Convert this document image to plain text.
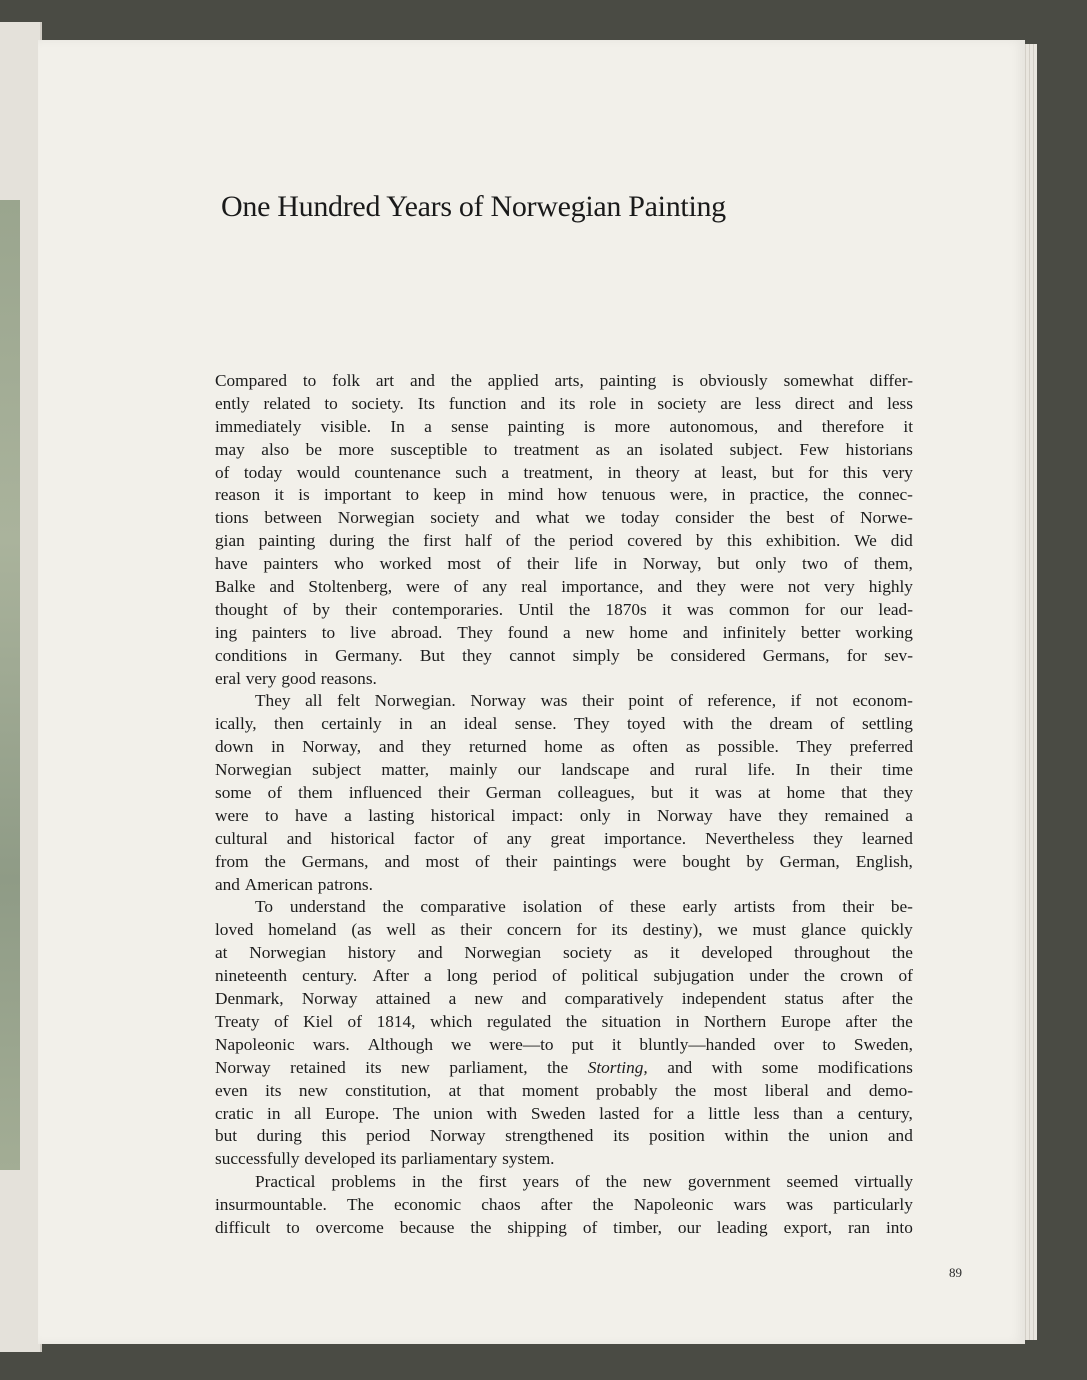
One Hundred Years of Norwegian Painting
Compared to folk art and the applied arts, painting is obviously somewhat differ-
ently related to society. Its function and its role in society are less direct and less
immediately visible. In a sense painting is more autonomous, and therefore it
may also be more susceptible to treatment as an isolated subject. Few historians
of today would countenance such a treatment, in theory at least, but for this very
reason it is important to keep in mind how tenuous were, in practice, the connec-
tions between Norwegian society and what we today consider the best of Norwe-
gian painting during the first half of the period covered by this exhibition. We did
have painters who worked most of their life in Norway, but only two of them,
Balke and Stoltenberg, were of any real importance, and they were not very highly
thought of by their contemporaries. Until the 1870s it was common for our lead-
ing painters to live abroad. They found a new home and infinitely better working
conditions in Germany. But they cannot simply be considered Germans, for sev-
eral very good reasons.
They all felt Norwegian. Norway was their point of reference, if not econom-
ically, then certainly in an ideal sense. They toyed with the dream of settling
down in Norway, and they returned home as often as possible. They preferred
Norwegian subject matter, mainly our landscape and rural life. In their time
some of them influenced their German colleagues, but it was at home that they
were to have a lasting historical impact: only in Norway have they remained a
cultural and historical factor of any great importance. Nevertheless they learned
from the Germans, and most of their paintings were bought by German, English,
and American patrons.
To understand the comparative isolation of these early artists from their be-
loved homeland (as well as their concern for its destiny), we must glance quickly
at Norwegian history and Norwegian society as it developed throughout the
nineteenth century. After a long period of political subjugation under the crown of
Denmark, Norway attained a new and comparatively independent status after the
Treaty of Kiel of 1814, which regulated the situation in Northern Europe after the
Napoleonic wars. Although we were—to put it bluntly—handed over to Sweden,
Norway retained its new parliament, the Storting, and with some modifications
even its new constitution, at that moment probably the most liberal and demo-
cratic in all Europe. The union with Sweden lasted for a little less than a century,
but during this period Norway strengthened its position within the union and
successfully developed its parliamentary system.
Practical problems in the first years of the new government seemed virtually
insurmountable. The economic chaos after the Napoleonic wars was particularly
difficult to overcome because the shipping of timber, our leading export, ran into
89
